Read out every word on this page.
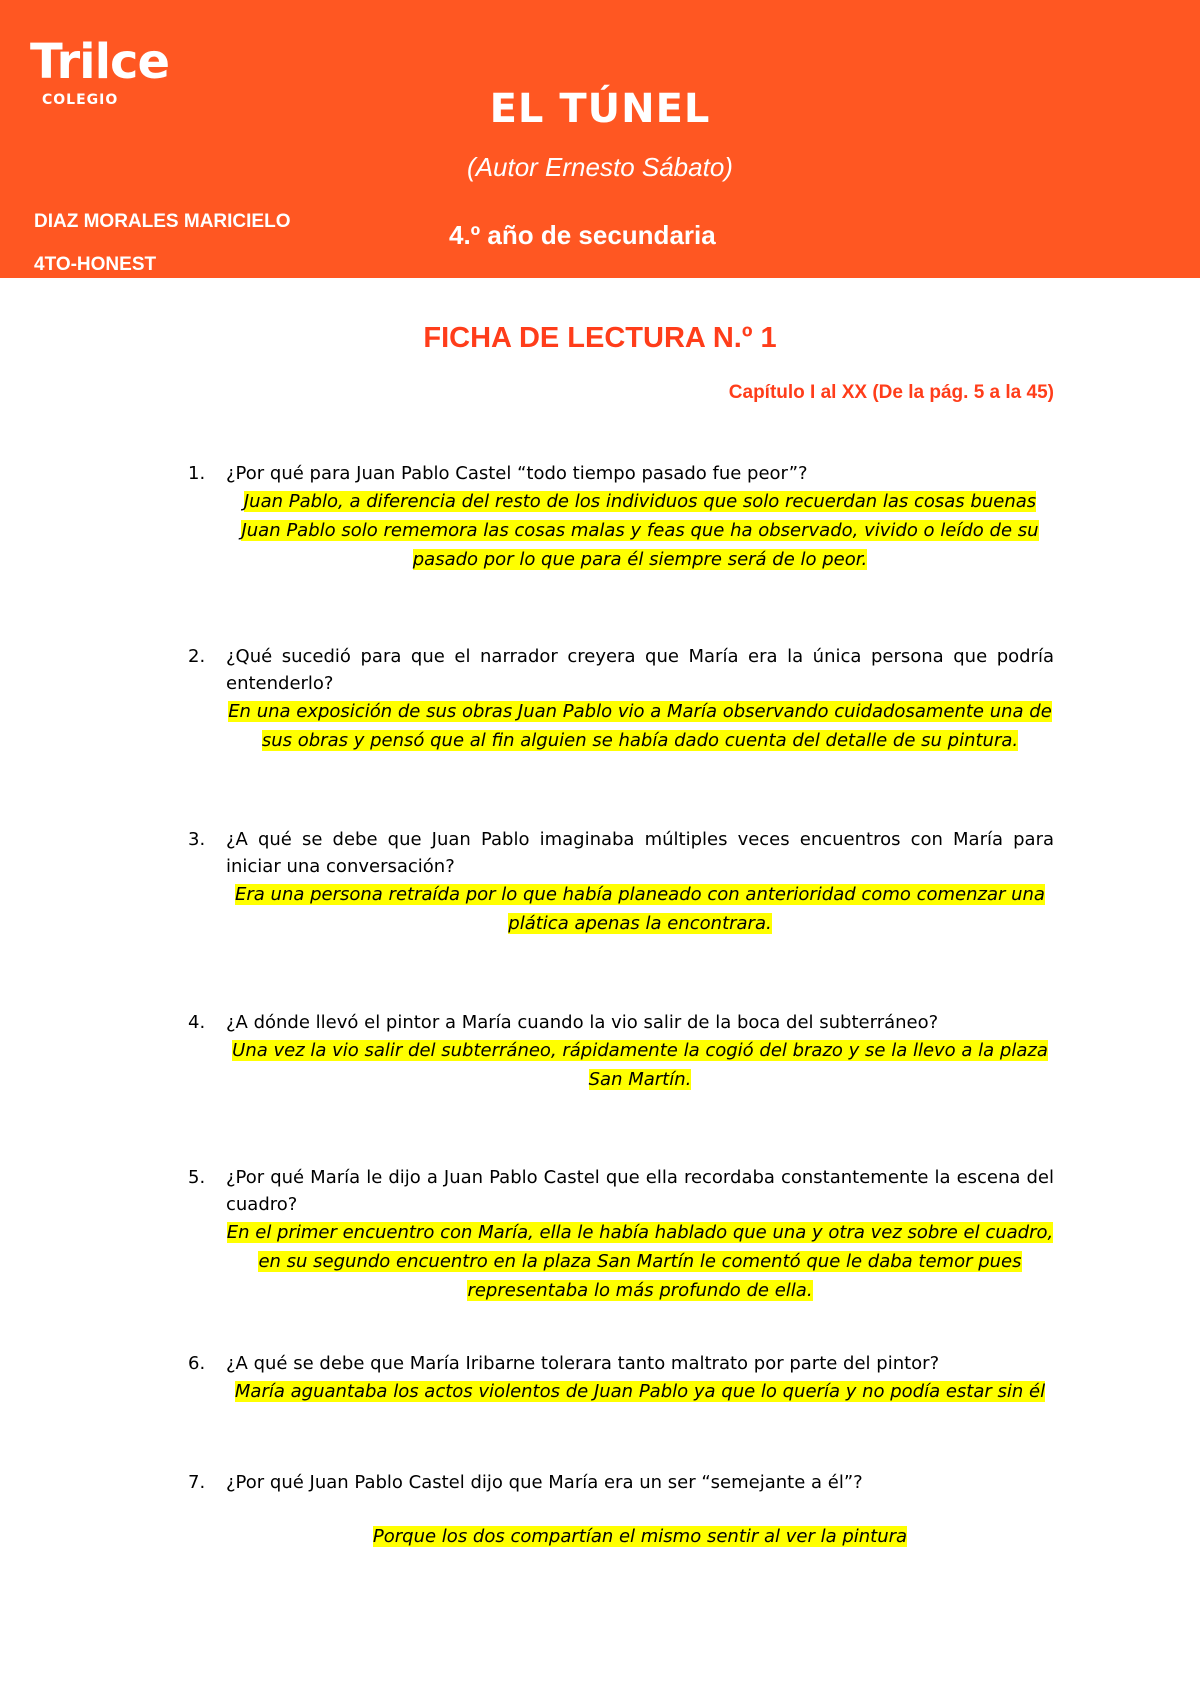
Trilce
COLEGIO	EL TÚNEL
(Autor Ernesto Sábato)
DIAZ MORALES MARICIELO
4TO-HONEST
4.º año de secundaria
FICHA DE LECTURA N.º 1
Capítulo I al XX (De la pág. 5 a la 45)
1.	¿Por qué para Juan Pablo Castel “todo tiempo pasado fue peor”?
Juan Pablo, a diferencia del resto de los individuos que solo recuerdan las cosas buenas Juan Pablo solo rememora las cosas malas y feas que ha observado, vivido o leído de su pasado por lo que para él siempre será de lo peor.
2.	¿Qué sucedió para que el narrador creyera que María era la única persona que podría entenderlo?
En una exposición de sus obras Juan Pablo vio a María observando cuidadosamente una de sus obras y pensó que al fin alguien se había dado cuenta del detalle de su pintura.
3.	¿A qué se debe que Juan Pablo imaginaba múltiples veces encuentros con María para iniciar una conversación?
Era una persona retraída por lo que había planeado con anterioridad como comenzar una plática apenas la encontrara.
4.	¿A dónde llevó el pintor a María cuando la vio salir de la boca del subterráneo?
Una vez la vio salir del subterráneo, rápidamente la cogió del brazo y se la llevo a la plaza San Martín.
5.	¿Por qué María le dijo a Juan Pablo Castel que ella recordaba constantemente la escena del cuadro?
En el primer encuentro con María, ella le había hablado que una y otra vez sobre el cuadro, en su segundo encuentro en la plaza San Martín le comentó que le daba temor pues representaba lo más profundo de ella.
6.	¿A qué se debe que María Iribarne tolerara tanto maltrato por parte del pintor?
María aguantaba los actos violentos de Juan Pablo ya que lo quería y no podía estar sin él
7.	¿Por qué Juan Pablo Castel dijo que María era un ser “semejante a él”?
Porque los dos compartían el mismo sentir al ver la pintura
